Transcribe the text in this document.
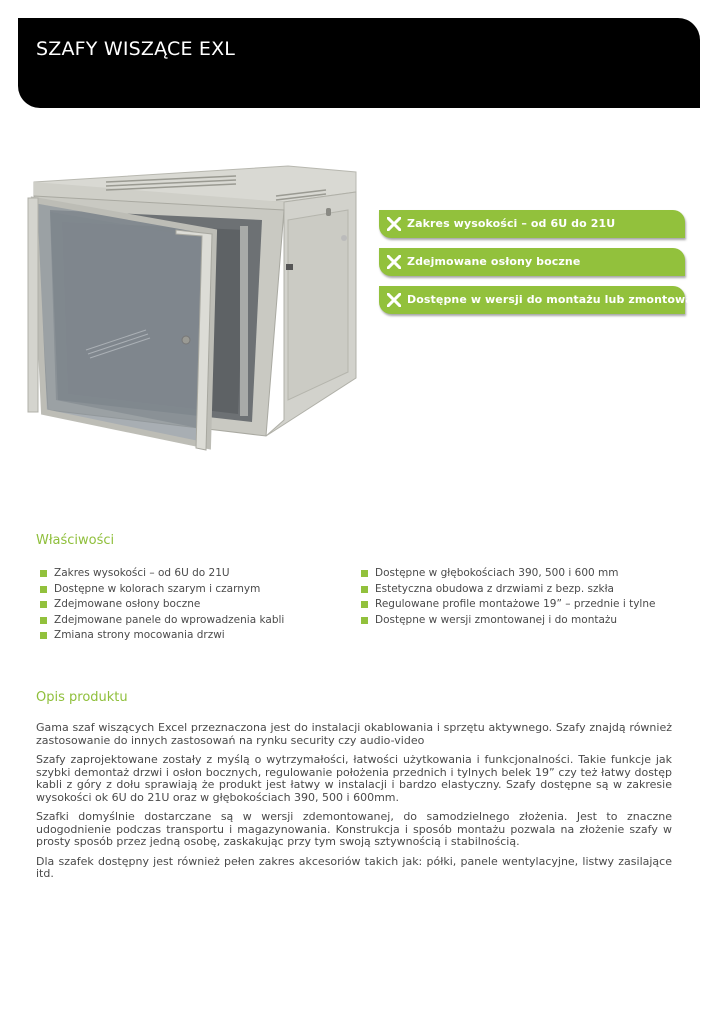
SZAFY WISZĄCE EXL
Zakres wysokości – od 6U do 21U
Zdejmowane osłony boczne
Dostępne w wersji do montażu lub zmontowanej
Właściwości
Zakres wysokości – od 6U do 21U
Dostępne w kolorach szarym i czarnym
Zdejmowane osłony boczne
Zdejmowane panele do wprowadzenia kabli
Zmiana strony mocowania drzwi
Dostępne w głębokościach 390, 500 i 600 mm
Estetyczna obudowa z drzwiami z bezp. szkła
Regulowane profile montażowe 19” – przednie i tylne
Dostępne w wersji zmontowanej i do montażu
Opis produktu

Gama szaf wiszących Excel przeznaczona jest do instalacji okablowania i sprzętu aktywnego. Szafy znajdą również zastosowanie do innych zastosowań na rynku security czy audio-video

Szafy zaprojektowane zostały z myślą o wytrzymałości, łatwości użytkowania i funkcjonalności. Takie funkcje jak szybki demontaż drzwi i osłon bocznych, regulowanie położenia przednich i tylnych belek 19” czy też łatwy dostęp kabli z góry z dołu sprawiają że produkt jest łatwy w instalacji i bardzo elastyczny. Szafy dostępne są w zakresie wysokości ok 6U do 21U oraz w głębokościach 390, 500 i 600mm.

Szafki domyślnie dostarczane są w wersji zdemontowanej, do samodzielnego złożenia. Jest to znaczne udogodnienie podczas transportu i magazynowania. Konstrukcja i sposób montażu pozwala na złożenie szafy w prosty sposób przez jedną osobę, zaskakując przy tym swoją sztywnością i stabilnością.

Dla szafek dostępny jest również pełen zakres akcesoriów takich jak: półki, panele wentylacyjne, listwy zasilające itd.
